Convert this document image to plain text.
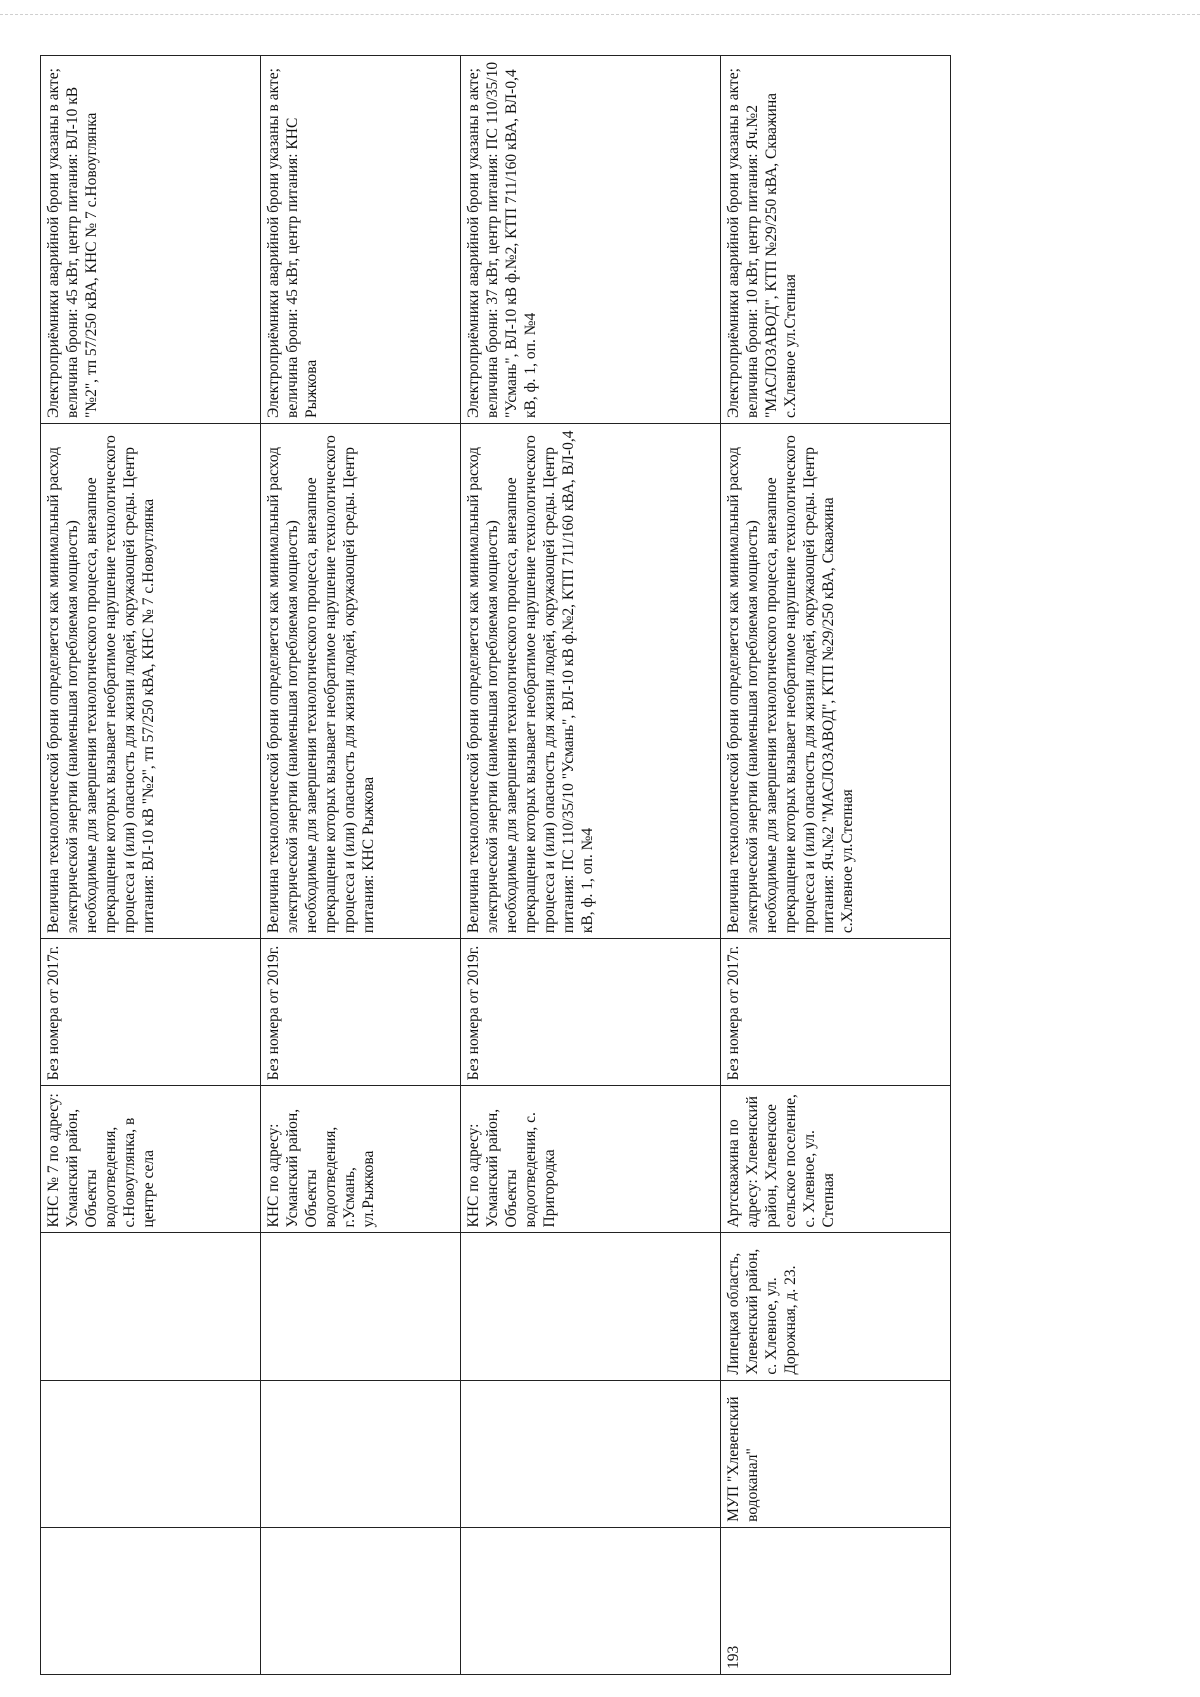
			КНС № 7 по адресу: Усманский район, Объекты водоотведения, с.Новоуглянка, в центре села	Без номера от 2017г.	Величина технологической брони определяется как минимальный расход электрической энергии (наименьшая потребляемая мощность) необходимые для завершения технологического процесса, внезапное прекращение которых вызывает необратимое нарушение технологического процесса и (или) опасность для жизни людей, окружающей среды. Центр питания: ВЛ-10 кВ "№2", тп 57/250 кВА, КНС № 7 с.Новоуглянка	Электроприёмники аварийной брони указаны в акте; величина брони: 45 кВт, центр питания: ВЛ-10 кВ "№2", тп 57/250 кВА, КНС № 7 с.Новоуглянка
			КНС по адресу: Усманский район, Объекты водоотведения, г.Усмань, ул.Рыжкова	Без номера от 2019г.	Величина технологической брони определяется как минимальный расход электрической энергии (наименьшая потребляемая мощность) необходимые для завершения технологического процесса, внезапное прекращение которых вызывает необратимое нарушение технологического процесса и (или) опасность для жизни людей, окружающей среды. Центр питания: КНС Рыжкова	Электроприёмники аварийной брони указаны в акте; величина брони: 45 кВт, центр питания: КНС Рыжкова
			КНС по адресу: Усманский район, Объекты водоотведения, с. Пригородка	Без номера от 2019г.	Величина технологической брони определяется как минимальный расход электрической энергии (наименьшая потребляемая мощность) необходимые для завершения технологического процесса, внезапное прекращение которых вызывает необратимое нарушение технологического процесса и (или) опасность для жизни людей, окружающей среды. Центр питания: ПС 110/35/10 "Усмань", ВЛ-10 кВ ф.№2, КТП 711/160 кВА, ВЛ-0,4 кВ, ф. 1, оп. №4	Электроприёмники аварийной брони указаны в акте; величина брони: 37 кВт, центр питания: ПС 110/35/10 "Усмань", ВЛ-10 кВ ф.№2, КТП 711/160 кВА, ВЛ-0,4 кВ, ф. 1, оп. №4
193	МУП "Хлевенский водоканал"	Липецкая область, Хлевенский район, с. Хлевное, ул. Дорожная, д. 23.	Артскважина по адресу: Хлевенский район, Хлевенское сельское поселение, с. Хлевное, ул. Степная	Без номера от 2017г.	Величина технологической брони определяется как минимальный расход электрической энергии (наименьшая потребляемая мощность) необходимые для завершения технологического процесса, внезапное прекращение которых вызывает необратимое нарушение технологического процесса и (или) опасность для жизни людей, окружающей среды. Центр питания: Яч.№2 "МАСЛОЗАВОД", КТП №29/250 кВА, Скважина с.Хлевное ул.Степная	Электроприёмники аварийной брони указаны в акте; величина брони: 10 кВт, центр питания: Яч.№2 "МАСЛОЗАВОД", КТП №29/250 кВА, Скважина с.Хлевное ул.Степная
